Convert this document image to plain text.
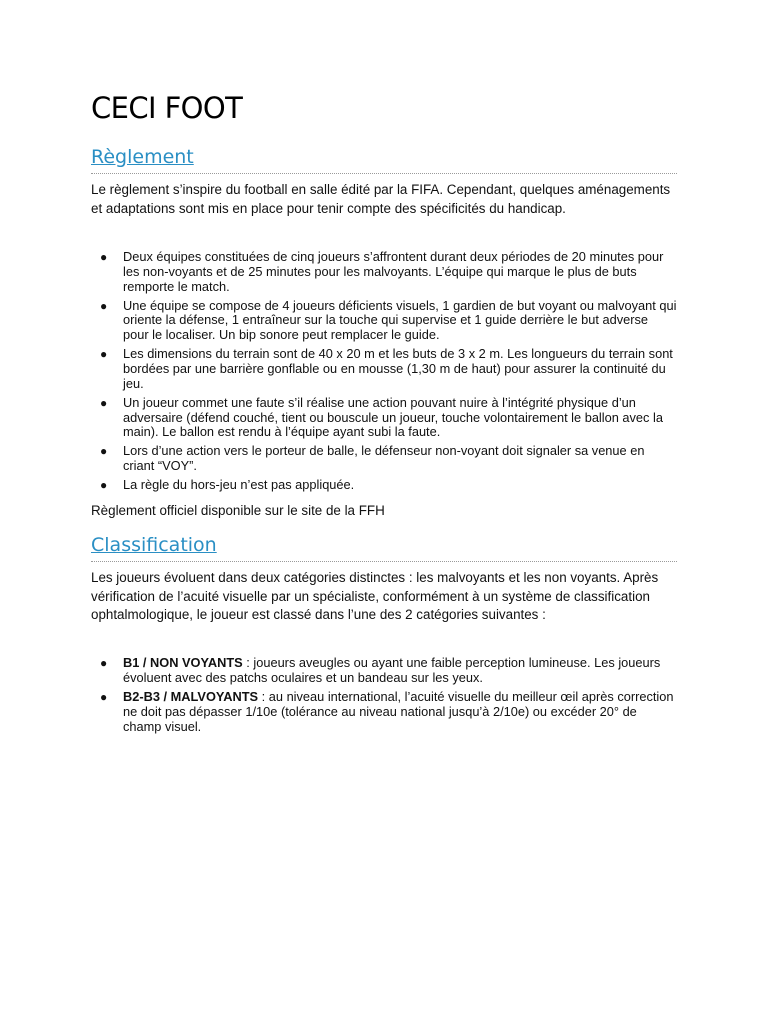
CECI FOOT
Règlement

Le règlement s’inspire du football en salle édité par la FIFA. Cependant, quelques aménagements et adaptations sont mis en place pour tenir compte des spécificités du handicap.

● Deux équipes constituées de cinq joueurs s’affrontent durant deux périodes de 20 minutes pour les non-voyants et de 25 minutes pour les malvoyants. L’équipe qui marque le plus de buts remporte le match.
● Une équipe se compose de 4 joueurs déficients visuels, 1 gardien de but voyant ou malvoyant qui oriente la défense, 1 entraîneur sur la touche qui supervise et 1 guide derrière le but adverse pour le localiser. Un bip sonore peut remplacer le guide.
● Les dimensions du terrain sont de 40 x 20 m et les buts de 3 x 2 m. Les longueurs du terrain sont bordées par une barrière gonflable ou en mousse (1,30 m de haut) pour assurer la continuité du jeu.
● Un joueur commet une faute s’il réalise une action pouvant nuire à l’intégrité physique d’un adversaire (défend couché, tient ou bouscule un joueur, touche volontairement le ballon avec la main). Le ballon est rendu à l’équipe ayant subi la faute.
● Lors d’une action vers le porteur de balle, le défenseur non-voyant doit signaler sa venue en criant “VOY”.
● La règle du hors-jeu n’est pas appliquée.

Règlement officiel disponible sur le site de la FFH

Classification

Les joueurs évoluent dans deux catégories distinctes : les malvoyants et les non voyants. Après vérification de l’acuité visuelle par un spécialiste, conformément à un système de classification ophtalmologique, le joueur est classé dans l’une des 2 catégories suivantes :

● B1 / NON VOYANTS : joueurs aveugles ou ayant une faible perception lumineuse. Les joueurs évoluent avec des patchs oculaires et un bandeau sur les yeux.
● B2-B3 / MALVOYANTS : au niveau international, l’acuité visuelle du meilleur œil après correction ne doit pas dépasser 1/10e (tolérance au niveau national jusqu’à 2/10e) ou excéder 20° de champ visuel.
